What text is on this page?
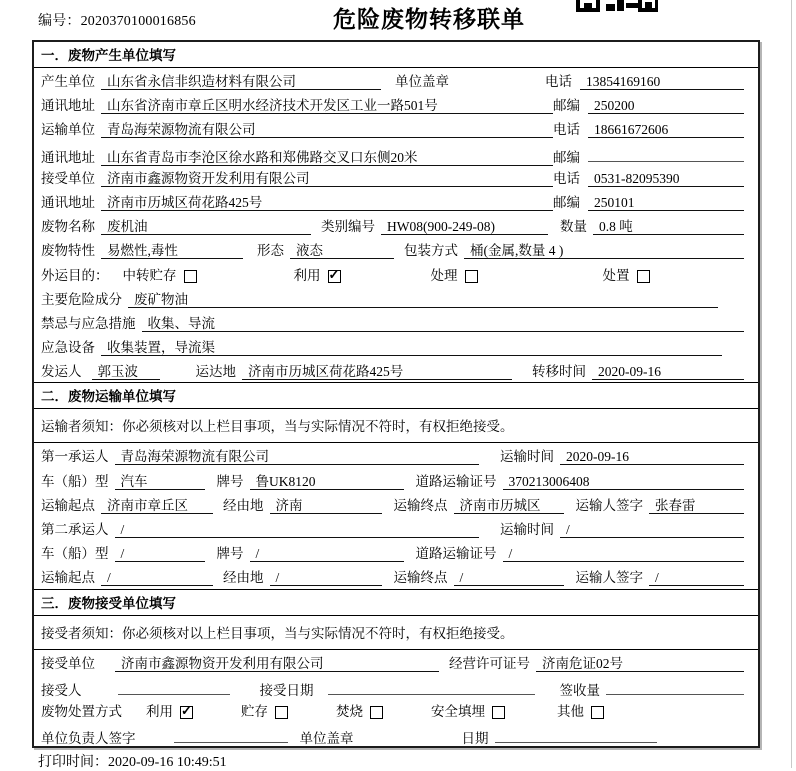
编号：2020370100016856	危险废物转移联单
一．废物产生单位填写
产生单位 山东省永信非织造材料有限公司	单位盖章	电话	13854169160
通讯地址 山东省济南市章丘区明水经济技术开发区工业一路501号	邮编	250200
运输单位 青岛海荣源物流有限公司	电话	18661672606
通讯地址 山东省青岛市李沧区徐水路和郑佛路交叉口东侧20米	邮编
接受单位 济南市鑫源物资开发利用有限公司	电话	0531-82095390
通讯地址 济南市历城区荷花路425号	邮编	250101
废物名称 废机油	类别编号 HW08(900-249-08)	数量 0.8 吨
废物特性 易燃性,毒性	形态 液态	包装方式 桶(金属,数量 4 )
外运目的： 中转贮存	利用 ✓	处理	处置
主要危险成分 废矿物油
禁忌与应急措施 收集、导流
应急设备 收集装置，导流渠
发运人	郭玉波	运达地 济南市历城区荷花路425号	转移时间 2020-09-16
二．废物运输单位填写
运输者须知：你必须核对以上栏目事项，当与实际情况不符时，有权拒绝接受。
第一承运人 青岛海荣源物流有限公司	运输时间 2020-09-16
车（船）型 汽车	牌号 鲁UK8120	道路运输证号 370213006408
运输起点 济南市章丘区	经由地 济南	运输终点 济南市历城区	运输人签字 张春雷
第二承运人 /	运输时间 /
车（船）型 /	牌号 /	道路运输证号 /
运输起点 /	经由地 /	运输终点 /	运输人签字 /
三．废物接受单位填写
接受者须知：你必须核对以上栏目事项，当与实际情况不符时，有权拒绝接受。
接受单位	济南市鑫源物资开发利用有限公司	经营许可证号 济南危证02号
接受人	接受日期	签收量
废物处置方式 利用 ✓	贮存	焚烧	安全填埋	其他
单位负责人签字	单位盖章	日期
打印时间：2020-09-16 10:49:51
